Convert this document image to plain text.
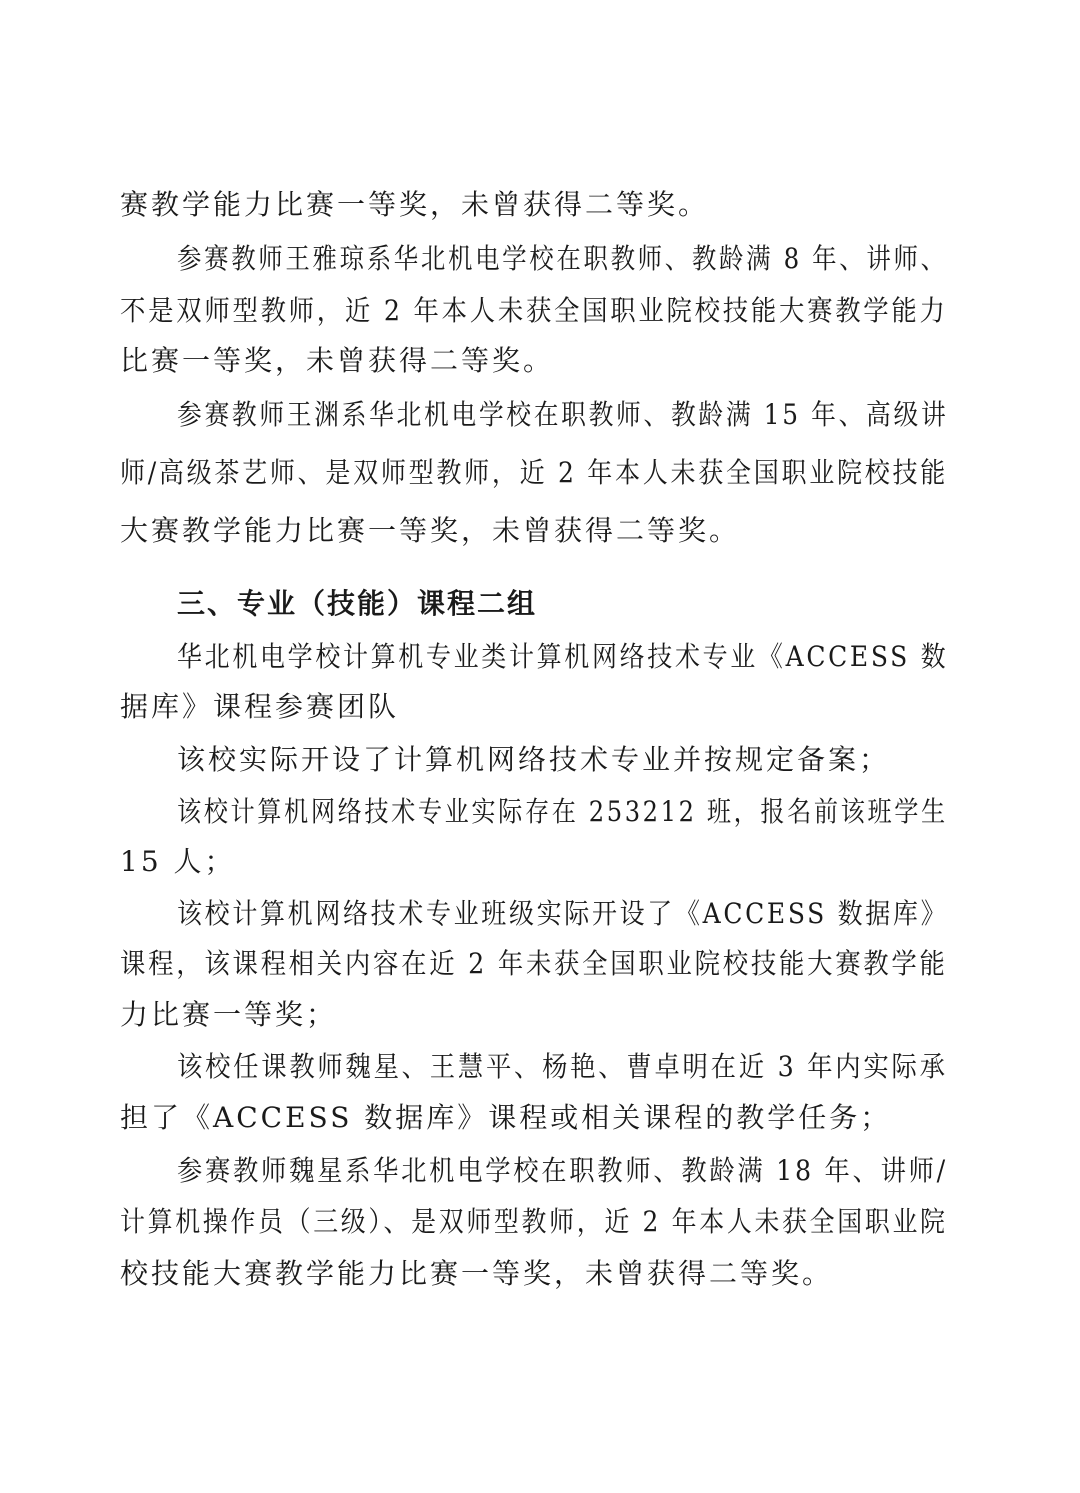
赛教学能力比赛一等奖，未曾获得二等奖。
参赛教师王雅琼系华北机电学校在职教师、教龄满 8 年、讲师、
不是双师型教师，近 2 年本人未获全国职业院校技能大赛教学能力
比赛一等奖，未曾获得二等奖。
参赛教师王渊系华北机电学校在职教师、教龄满 15 年、高级讲
师/高级茶艺师、是双师型教师，近 2 年本人未获全国职业院校技能
大赛教学能力比赛一等奖，未曾获得二等奖。
三、专业（技能）课程二组
华北机电学校计算机专业类计算机网络技术专业《ACCESS 数
据库》课程参赛团队
该校实际开设了计算机网络技术专业并按规定备案；
该校计算机网络技术专业实际存在 253212 班，报名前该班学生
15 人；
该校计算机网络技术专业班级实际开设了《ACCESS 数据库》
课程，该课程相关内容在近 2 年未获全国职业院校技能大赛教学能
力比赛一等奖；
该校任课教师魏星、王慧平、杨艳、曹卓明在近 3 年内实际承
担了《ACCESS 数据库》课程或相关课程的教学任务；
参赛教师魏星系华北机电学校在职教师、教龄满 18 年、讲师/
计算机操作员（三级）、是双师型教师，近 2 年本人未获全国职业院
校技能大赛教学能力比赛一等奖，未曾获得二等奖。
